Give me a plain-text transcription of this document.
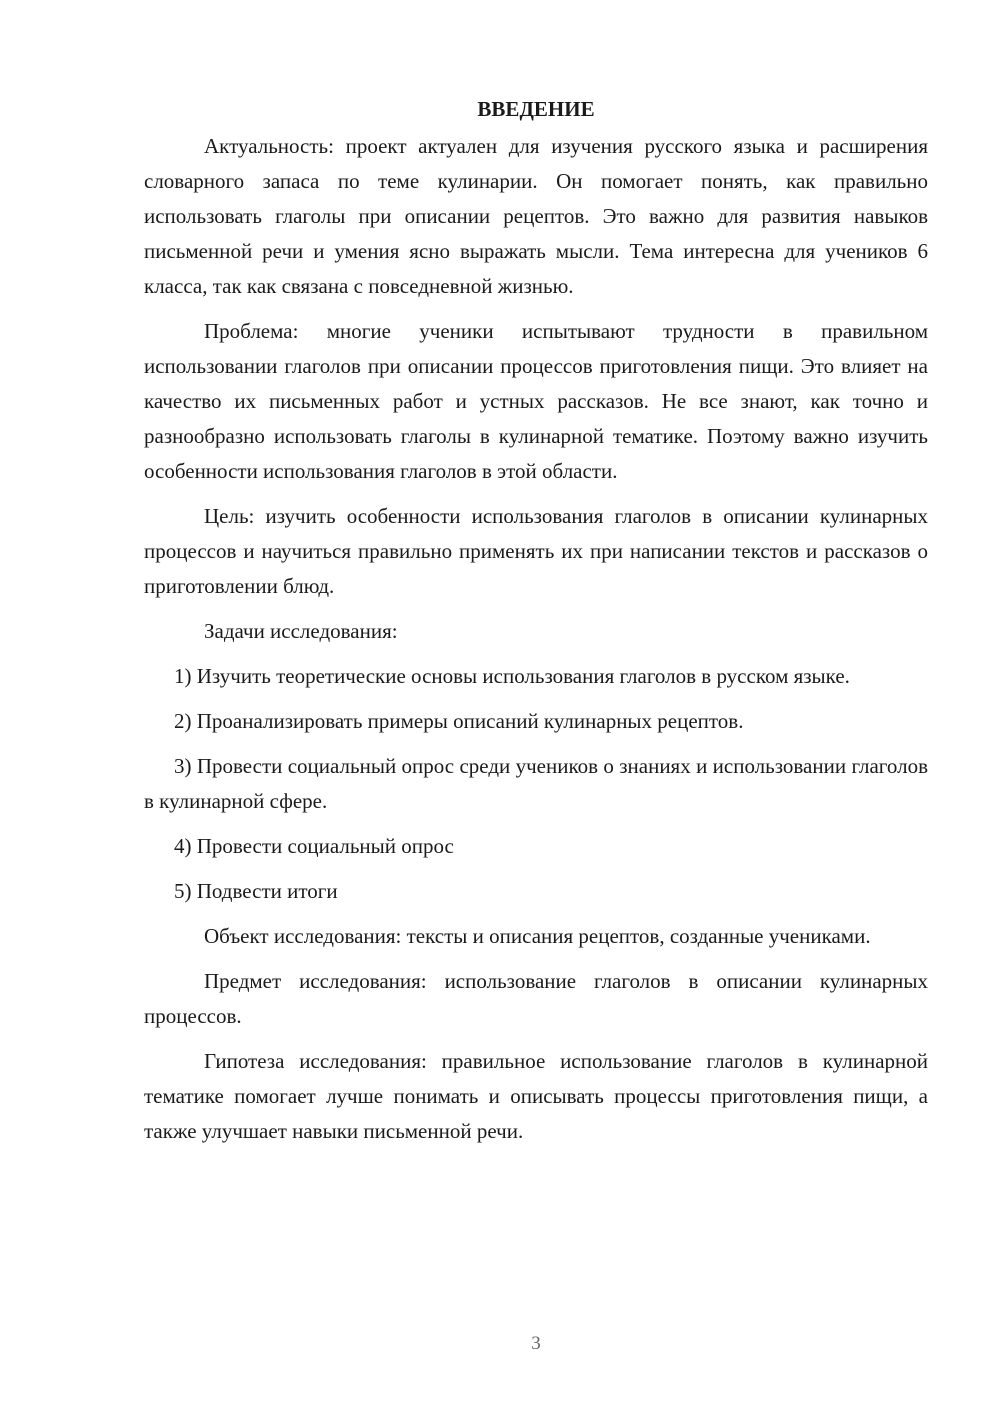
ВВЕДЕНИЕ

Актуальность: проект актуален для изучения русского языка и расширения словарного запаса по теме кулинарии. Он помогает понять, как правильно использовать глаголы при описании рецептов. Это важно для развития навыков письменной речи и умения ясно выражать мысли. Тема интересна для учеников 6 класса, так как связана с повседневной жизнью.

Проблема: многие ученики испытывают трудности в правильном использовании глаголов при описании процессов приготовления пищи. Это влияет на качество их письменных работ и устных рассказов. Не все знают, как точно и разнообразно использовать глаголы в кулинарной тематике. Поэтому важно изучить особенности использования глаголов в этой области.

Цель: изучить особенности использования глаголов в описании кулинарных процессов и научиться правильно применять их при написании текстов и рассказов о приготовлении блюд.

Задачи исследования:

1) Изучить теоретические основы использования глаголов в русском языке.

2) Проанализировать примеры описаний кулинарных рецептов.

3) Провести социальный опрос среди учеников о знаниях и использовании глаголов в кулинарной сфере.

4) Провести социальный опрос

5) Подвести итоги

Объект исследования: тексты и описания рецептов, созданные учениками.

Предмет исследования: использование глаголов в описании кулинарных процессов.

Гипотеза исследования: правильное использование глаголов в кулинарной тематике помогает лучше понимать и описывать процессы приготовления пищи, а также улучшает навыки письменной речи.

3
